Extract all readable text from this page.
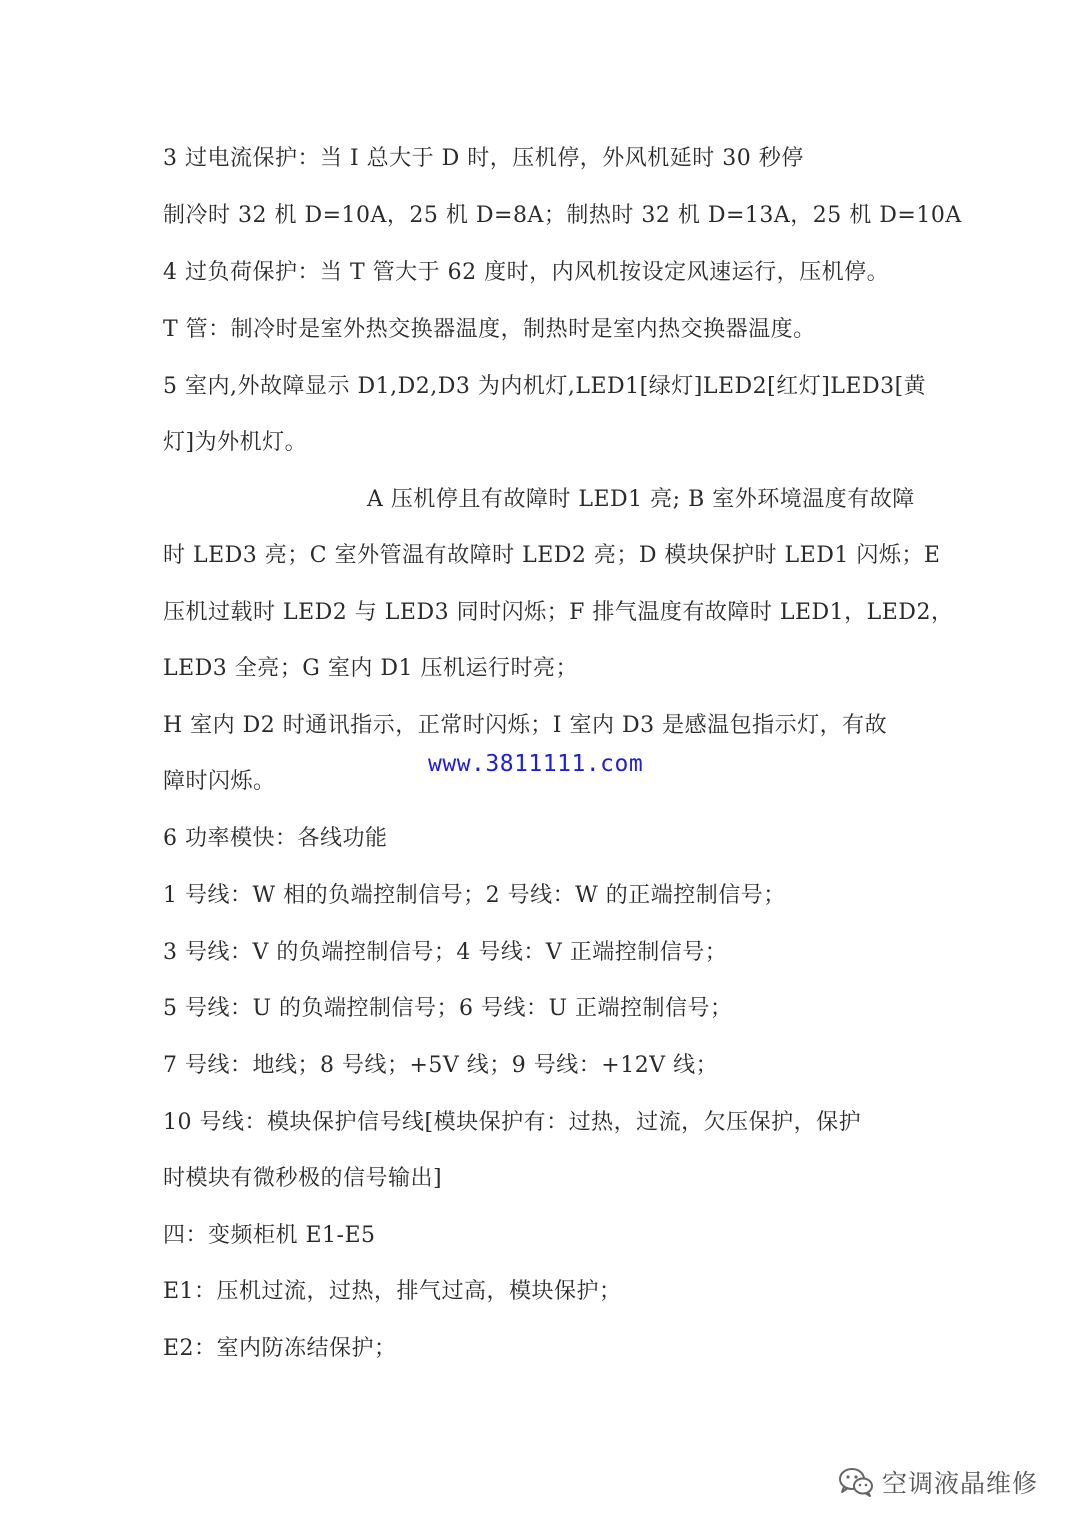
3 过电流保护：当 I 总大于 D 时，压机停，外风机延时 30 秒停
制冷时 32 机 D=10A，25 机 D=8A；制热时 32 机 D=13A，25 机 D=10A
4 过负荷保护：当 T 管大于 62 度时，内风机按设定风速运行，压机停。
T 管：制冷时是室外热交换器温度，制热时是室内热交换器温度。
5 室内,外故障显示 D1,D2,D3 为内机灯,LED1[绿灯]LED2[红灯]LED3[黄
灯]为外机灯。
A 压机停且有故障时 LED1 亮; B 室外环境温度有故障
时 LED3 亮；C 室外管温有故障时 LED2 亮；D 模块保护时 LED1 闪烁；E
压机过载时 LED2 与 LED3 同时闪烁；F 排气温度有故障时 LED1，LED2，
LED3 全亮；G 室内 D1 压机运行时亮；
H 室内 D2 时通讯指示，正常时闪烁；I 室内 D3 是感温包指示灯，有故
障时闪烁。
www.3811111.com
6 功率模快：各线功能
1 号线：W 相的负端控制信号；2 号线：W 的正端控制信号；
3 号线：V 的负端控制信号；4 号线：V 正端控制信号；
5 号线：U 的负端控制信号；6 号线：U 正端控制信号；
7 号线：地线；8 号线；+5V 线；9 号线：+12V 线；
10 号线：模块保护信号线[模块保护有：过热，过流，欠压保护，保护
时模块有微秒极的信号输出]
四：变频柜机 E1-E5
E1：压机过流，过热，排气过高，模块保护；
E2：室内防冻结保护；
空调液晶维修
